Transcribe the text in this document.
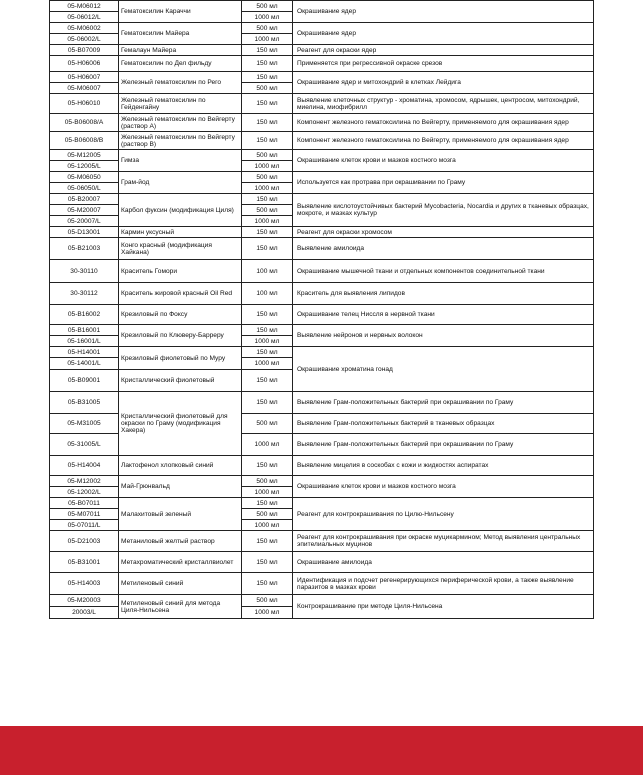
05-M06012	Гематоксилин Караччи	500 мл	Окрашивание ядер
05-06012/L		1000 мл	
05-M06002	Гематоксилин Майера	500 мл	Окрашивание ядер
05-06002/L		1000 мл	
05-B07009	Гемалаун Майера	150 мл	Реагент для окраски ядер
05-H06006	Гематоксилин по Дел фильду	150 мл	Применяется при регрессивной окраске срезов
05-H06007	Железный гематоксилин по Рего	150 мл	Окрашивание ядер и митохондрий в клетках Лейдига
05-M06007		500 мл	
05-H06010	Железный гематоксилин по Гейденгайну	150 мл	Выявление клеточных структур - хроматина, хромосом, ядрышек, центросом, митохондрий, миелина, миофибрилл
05-B06008/A	Железный гематоксилин по Вейгерту (раствор А)	150 мл	Компонент железного гематоксилина по Вейгерту, применяемого для окрашивания ядер
05-B06008/B	Железный гематоксилин по Вейгерту (раствор В)	150 мл	Компонент железного гематоксилина по Вейгерту, применяемого для окрашивания ядер
05-M12005	Гимза	500 мл	Окрашивание клеток крови и мазков костного мозга
05-12005/L		1000 мл	
05-M06050	Грам-йод	500 мл	Используется как протрава при окрашивании по Граму
05-06050/L		1000 мл	
05-B20007	Карбол фуксин (модификация Циля)	150 мл	Выявление кислотоустойчивых бактерий Mycobacteria, Nocardia и других в тканевых образцах, мокроте, и мазках культур
05-M20007		500 мл	
05-20007/L		1000 мл	
05-D13001	Кармин уксусный	150 мл	Реагент для окраски хромосом
05-B21003	Конго красный (модификация Хайкана)	150 мл	Выявление амилоида
30-30110	Краситель Гомори	100 мл	Окрашивание мышечной ткани и отдельных компонентов соединительной ткани
30-30112	Краситель жировой красный Oil Red	100 мл	Краситель для выявления липидов
05-B16002	Крезиловый по Фоксу	150 мл	Окрашивание телец Ниссля в нервной ткани
05-B16001	Крезиловый по Клюверу-Барреру	150 мл	Выявление нейронов и нервных волокон
05-16001/L		1000 мл	
05-H14001	Крезиловый фиолетовый по Муру	150 мл	Окрашивание хроматина гонад
05-14001/L		1000 мл	
05-B09001	Кристаллический фиолетовый	150 мл	
05-B31005	Кристаллический фиолетовый для окраски по Граму (модификация Хакера)	150 мл	Выявление Грам-положительных бактерий при окрашивании по Граму
05-M31005		500 мл	Выявление Грам-положительных бактерий в тканевых образцах
05-31005/L		1000 мл	Выявление Грам-положительных бактерий при окрашивании по Граму
05-H14004	Лактофенол хлопковый синий	150 мл	Выявление мицелия в соскобах с кожи и жидкостях аспиратах
05-M12002	Май-Грюнвальд	500 мл	Окрашивание клеток крови и мазков костного мозга
05-12002/L		1000 мл	
05-B07011	Малахитовый зеленый	150 мл	Реагент для контрокрашивания по Цилю-Нильсену
05-M07011		500 мл	
05-07011/L		1000 мл	
05-D21003	Метаниловый желтый раствор	150 мл	Реагент для контрокрашивания при окраске муцикармином; Метод выявления центральных эпителиальных муцинов
05-B31001	Метахроматический кристаллвиолет	150 мл	Окрашивание амилоида
05-H14003	Метиленовый синий	150 мл	Идентификация и подсчет регенерирующихся периферической крови, а также выявление паразитов в мазках крови
05-M20003	Метиленовый синий для метода Циля-Нильсена	500 мл	Контрокрашивание при методе Циля-Нильсена
20003/L		1000 мл	
